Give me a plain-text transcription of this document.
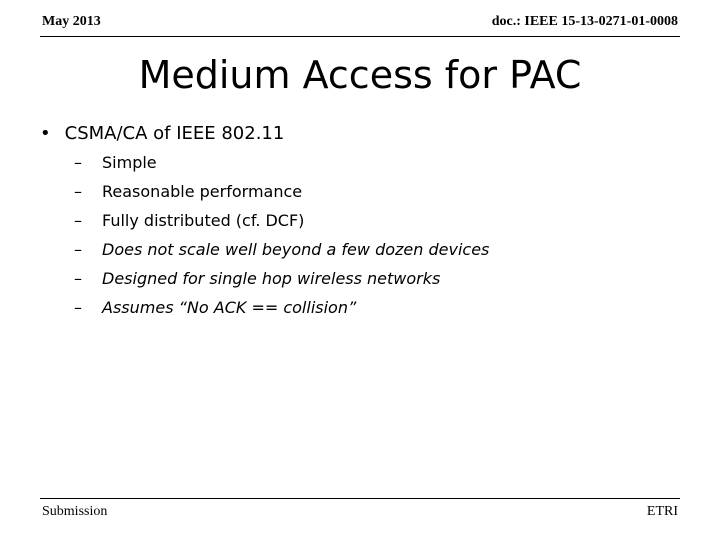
May 2013	doc.: IEEE 15-13-0271-01-0008
Medium Access for PAC
• CSMA/CA of IEEE 802.11
–	Simple
–	Reasonable performance
–	Fully distributed (cf. DCF)
–	Does not scale well beyond a few dozen devices
–	Designed for single hop wireless networks
–	Assumes “No ACK == collision”
Submission	ETRI
